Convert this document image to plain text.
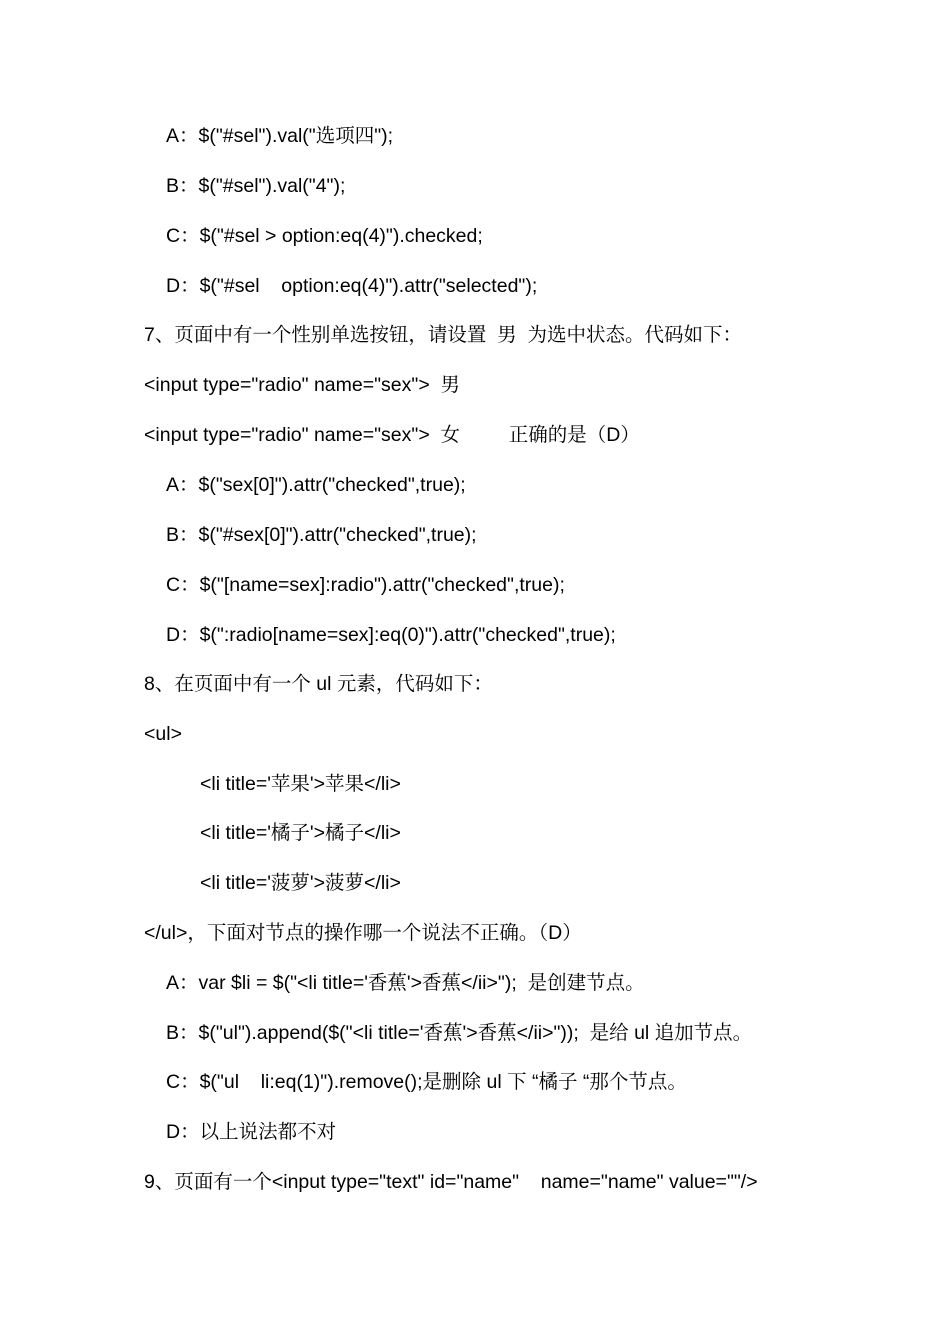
A：$("#sel").val("选项四");
B：$("#sel").val("4");
C：$("#sel > option:eq(4)").checked;
D：$("#sel    option:eq(4)").attr("selected");
7、页面中有一个性别单选按钮，请设置  男  为选中状态。代码如下：
<input type="radio" name="sex">  男
<input type="radio" name="sex">  女         正确的是（D）
A：$("sex[0]").attr("checked",true);
B：$("#sex[0]").attr("checked",true);
C：$("[name=sex]:radio").attr("checked",true);
D：$(":radio[name=sex]:eq(0)").attr("checked",true);
8、在页面中有一个 ul 元素，代码如下：
<ul>
<li title='苹果'>苹果</li>
<li title='橘子'>橘子</li>
<li title='菠萝'>菠萝</li>
</ul>，下面对节点的操作哪一个说法不正确。（D）
A：var $li = $("<li title='香蕉'>香蕉</ii>");  是创建节点。
B：$("ul").append($("<li title='香蕉'>香蕉</ii>"));  是给 ul 追加节点。
C：$("ul    li:eq(1)").remove();是删除 ul 下 “橘子 “那个节点。
D：以上说法都不对
9、页面有一个<input type="text" id="name"    name="name" value=""/>
